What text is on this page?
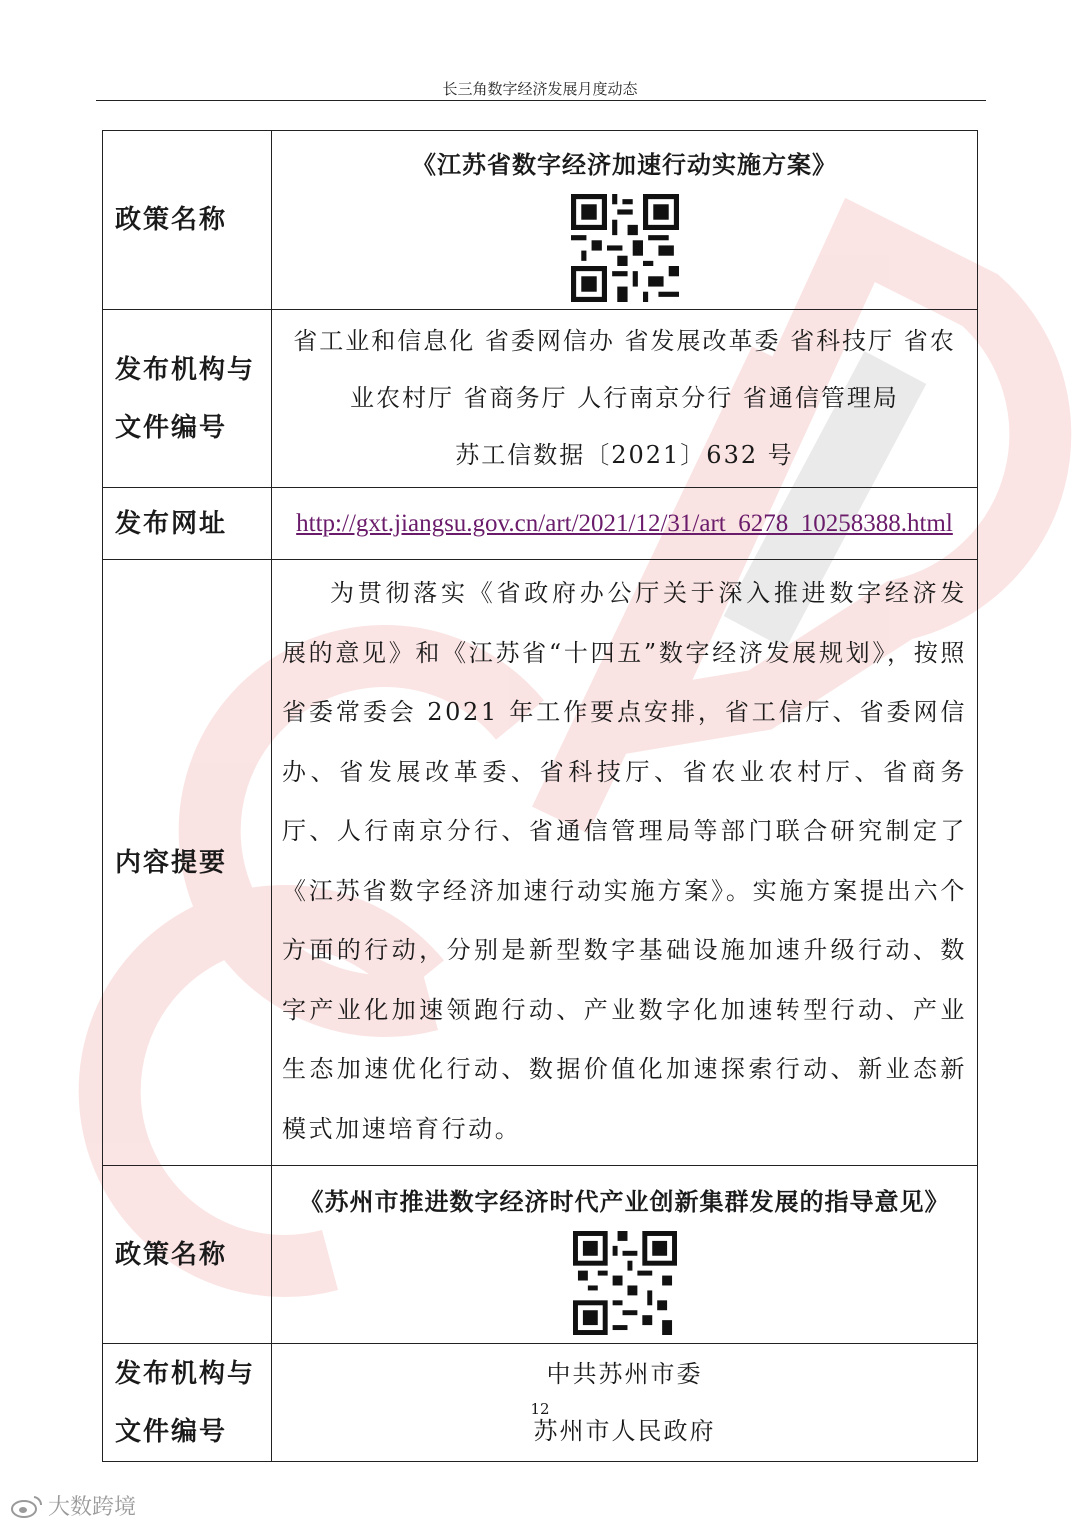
长三角数字经济发展月度动态
政策名称	《江苏省数字经济加速行动实施方案》

发布机构与文件编号	省工业和信息化 省委网信办 省发展改革委 省科技厅 省农
业农村厅 省商务厅 人行南京分行 省通信管理局
苏工信数据〔2021〕632 号

发布网址	http://gxt.jiangsu.gov.cn/art/2021/12/31/art_6278_10258388.html
内容提要	为贯彻落实《省政府办公厅关于深入推进数字经济发展的意见》和《江苏省“十四五”数字经济发展规划》，按照省委常委会 2021 年工作要点安排，省工信厅、省委网信办、省发展改革委、省科技厅、省农业农村厅、省商务厅、人行南京分行、省通信管理局等部门联合研究制定了《江苏省数字经济加速行动实施方案》。实施方案提出六个方面的行动，分别是新型数字基础设施加速升级行动、数字产业化加速领跑行动、产业数字化加速转型行动、产业生态加速优化行动、数据价值化加速探索行动、新业态新模式加速培育行动。
政策名称	《苏州市推进数字经济时代产业创新集群发展的指导意见》

发布机构与文件编号	中共苏州市委
苏州市人民政府
12
大数跨境
